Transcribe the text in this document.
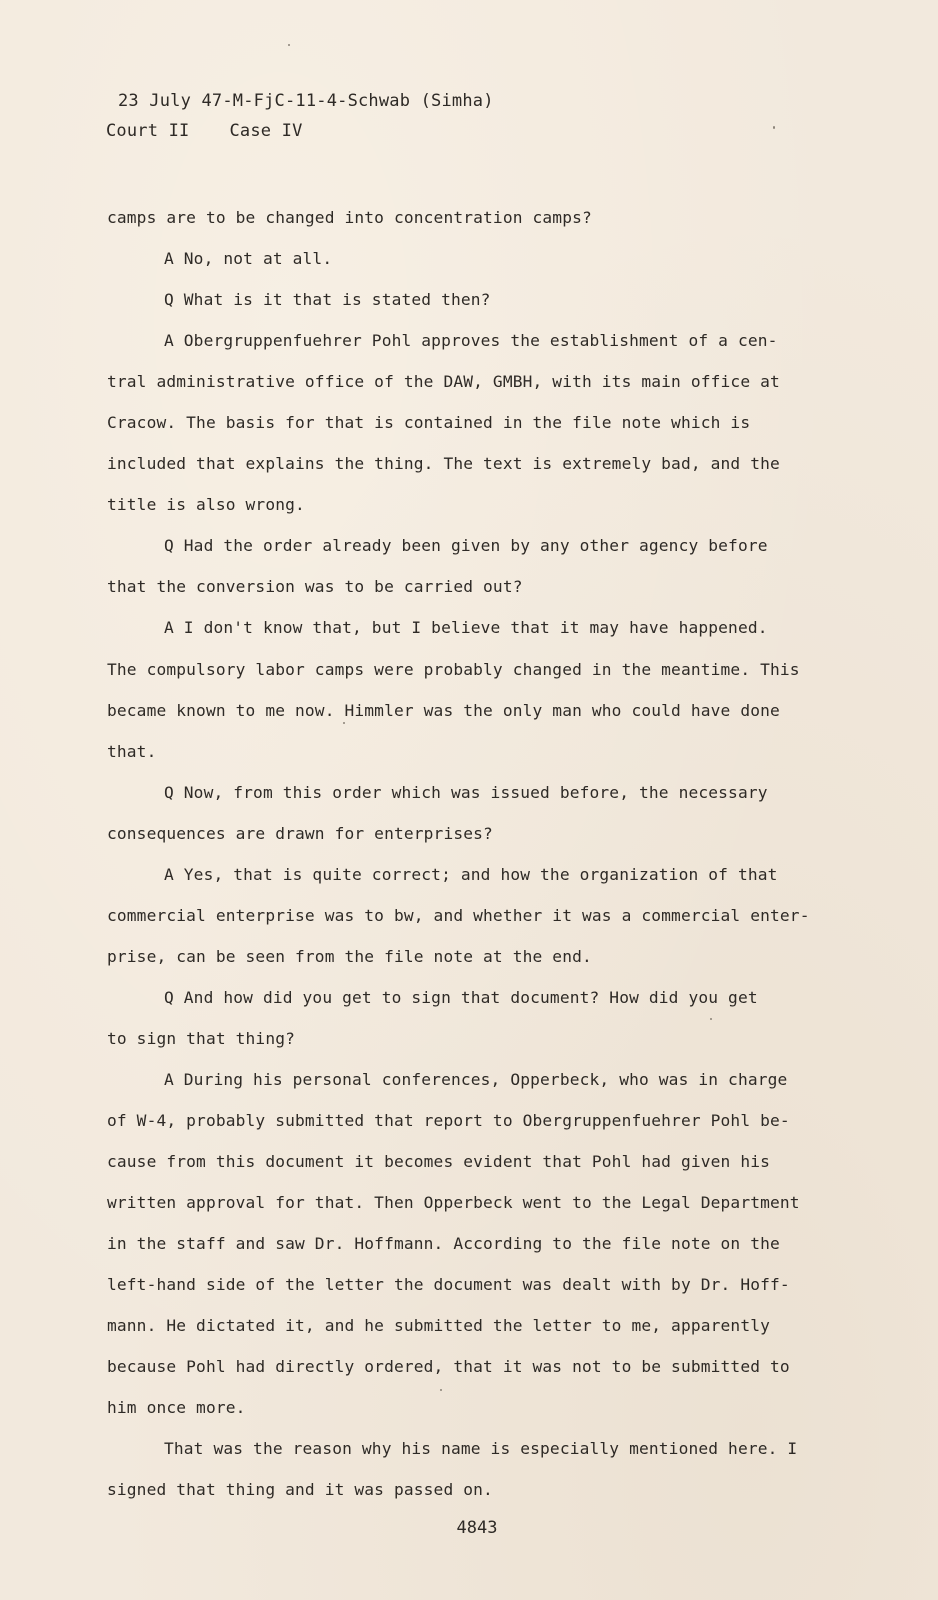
23 July 47-M-FjC-11-4-Schwab (Simha)
Court II Case IV

camps are to be changed into concentration camps?

A No, not at all.

Q What is it that is stated then?

A Obergruppenfuehrer Pohl approves the establishment of a cen-

tral administrative office of the DAW, GMBH, with its main office at

Cracow. The basis for that is contained in the file note which is

included that explains the thing. The text is extremely bad, and the

title is also wrong.

Q Had the order already been given by any other agency before

that the conversion was to be carried out?

A I don't know that, but I believe that it may have happened.

The compulsory labor camps were probably changed in the meantime. This

became known to me now. Himmler was the only man who could have done

that.

Q Now, from this order which was issued before, the necessary

consequences are drawn for enterprises?

A Yes, that is quite correct; and how the organization of that

commercial enterprise was to bw, and whether it was a commercial enter-

prise, can be seen from the file note at the end.

Q And how did you get to sign that document? How did you get

to sign that thing?

A During his personal conferences, Opperbeck, who was in charge

of W-4, probably submitted that report to Obergruppenfuehrer Pohl be-

cause from this document it becomes evident that Pohl had given his

written approval for that. Then Opperbeck went to the Legal Department

in the staff and saw Dr. Hoffmann. According to the file note on the

left-hand side of the letter the document was dealt with by Dr. Hoff-

mann. He dictated it, and he submitted the letter to me, apparently

because Pohl had directly ordered, that it was not to be submitted to

him once more.

That was the reason why his name is especially mentioned here. I

signed that thing and it was passed on.

4843
